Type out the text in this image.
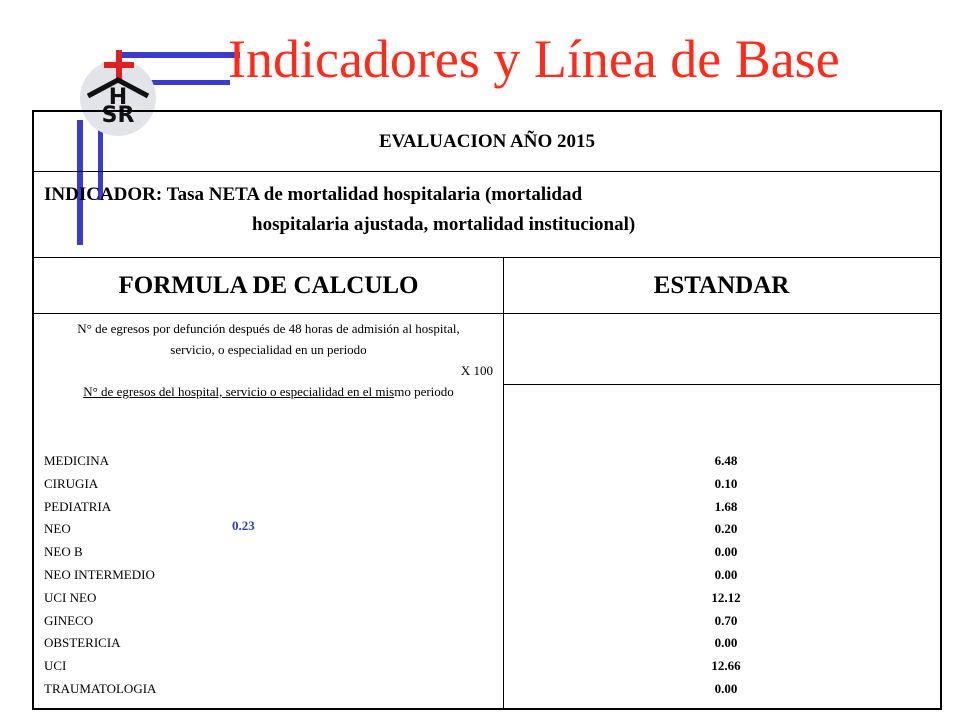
H
SR
Indicadores y Línea de Base
EVALUACION AÑO 2015
INDICADOR: Tasa NETA de mortalidad hospitalaria (mortalidad
hospitalaria ajustada, mortalidad institucional)
FORMULA DE CALCULO	ESTANDAR
N° de egresos por defunción después de 48 horas de admisión al hospital, servicio, o especialidad en un periodo
X 100
N° de egresos del hospital, servicio o especialidad en el mismo periodo
MEDICINA
CIRUGIA
PEDIATRIA
NEO
NEO B
NEO INTERMEDIO
UCI NEO
GINECO
OBSTERICIA
UCI
TRAUMATOLOGIA
0.23
6.48
0.10
1.68
0.20
0.00
0.00
12.12
0.70
0.00
12.66
0.00
